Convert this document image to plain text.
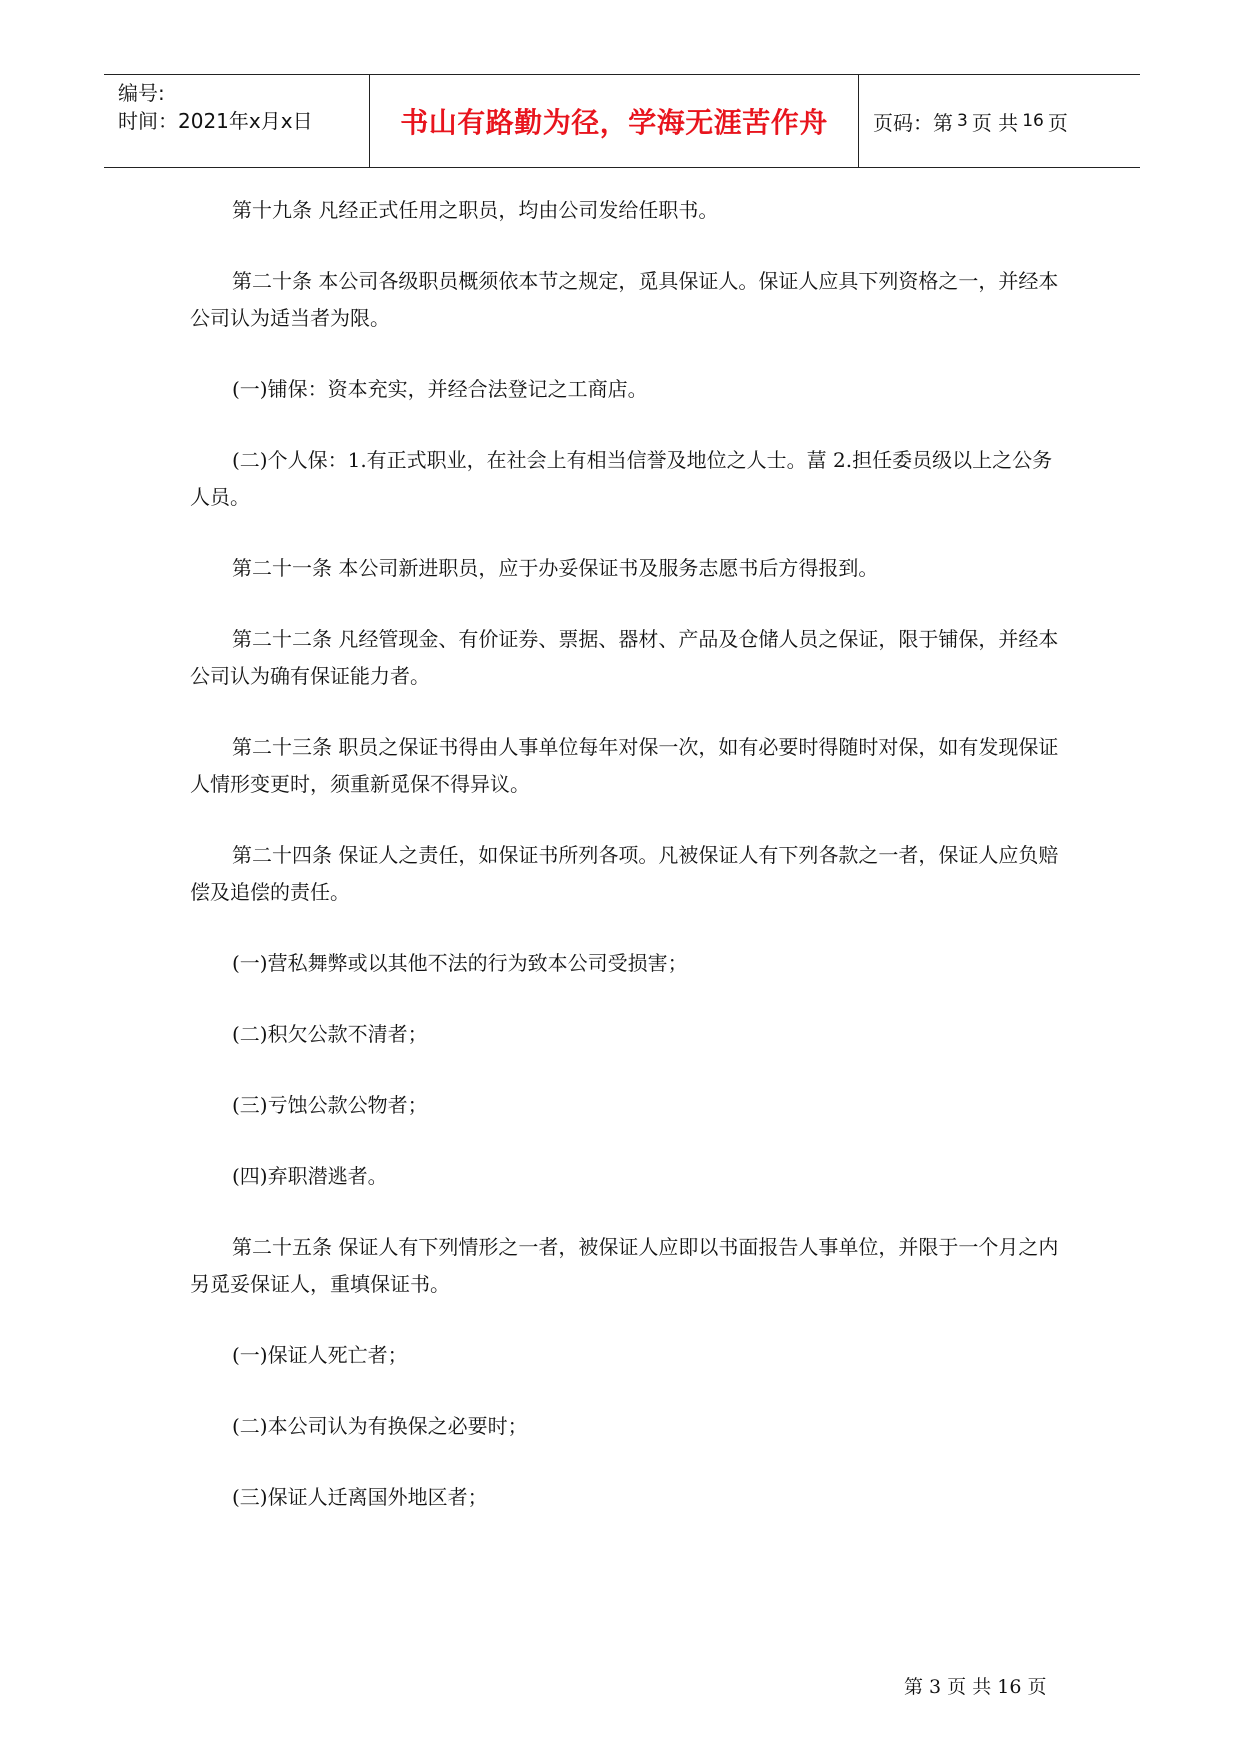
编号:
时间：2021年x月x日	书山有路勤为径，学海无涯苦作舟 页码：第 3 页 共 16 页

第十九条 凡经正式任用之职员，均由公司发给任职书。

第二十条 本公司各级职员概须依本节之规定，觅具保证人。保证人应具下列资格之一，并经本公司认为适当者为限。

(一)铺保：资本充实，并经合法登记之工商店。

(二)个人保：1.有正式职业，在社会上有相当信誉及地位之人士。葍 2.担任委员级以上之公务人员。

第二十一条 本公司新进职员，应于办妥保证书及服务志愿书后方得报到。

第二十二条 凡经管现金、有价证券、票据、器材、产品及仓储人员之保证，限于铺保，并经本公司认为确有保证能力者。

第二十三条 职员之保证书得由人事单位每年对保一次，如有必要时得随时对保，如有发现保证人情形变更时，须重新觅保不得异议。

第二十四条 保证人之责任，如保证书所列各项。凡被保证人有下列各款之一者，保证人应负赔偿及追偿的责任。

(一)营私舞弊或以其他不法的行为致本公司受损害；

(二)积欠公款不清者；

(三)亏蚀公款公物者；

(四)弃职潜逃者。

第二十五条 保证人有下列情形之一者，被保证人应即以书面报告人事单位，并限于一个月之内另觅妥保证人，重填保证书。

(一)保证人死亡者；

(二)本公司认为有换保之必要时；

(三)保证人迁离国外地区者；

第 3 页 共 16 页
